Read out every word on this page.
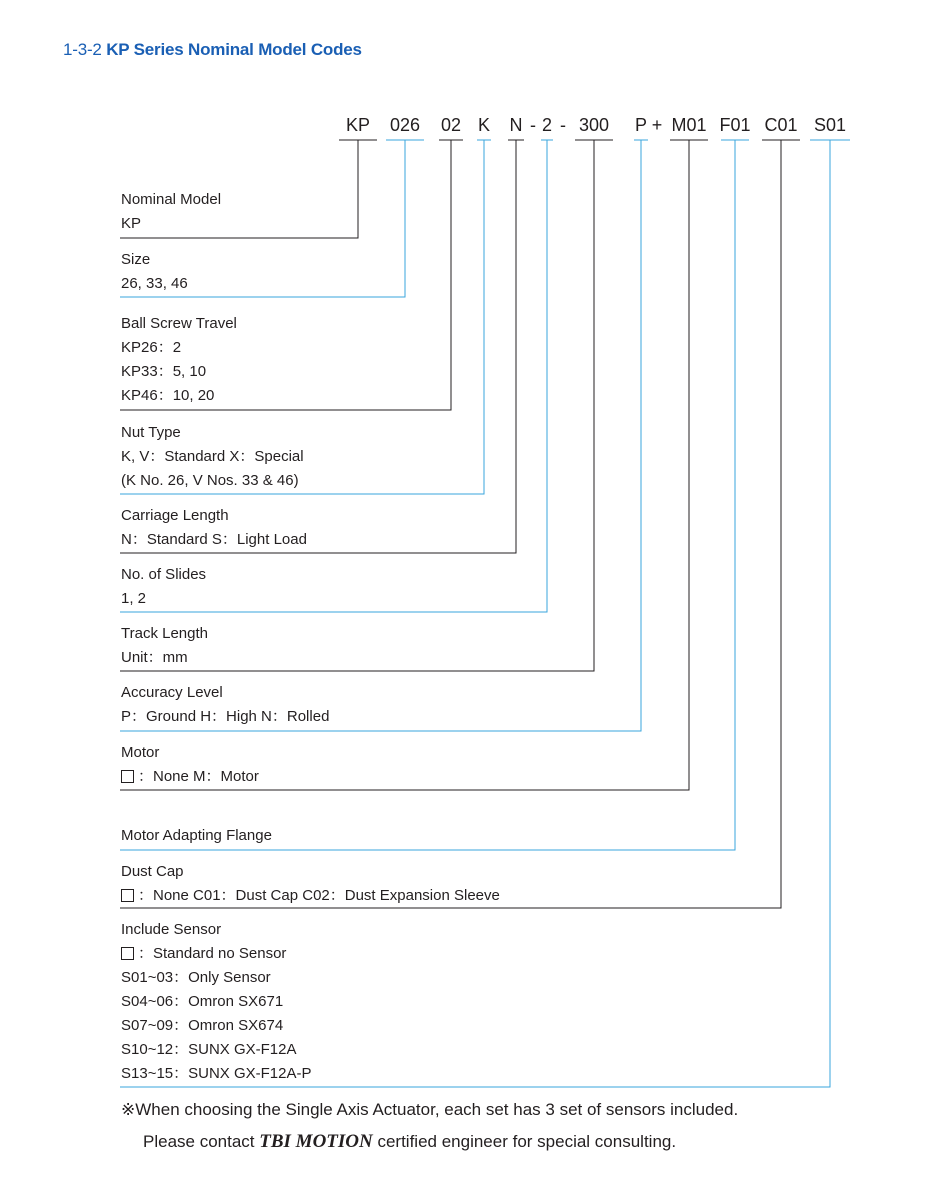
1-3-2 KP Series Nominal Model Codes
KP 026 02 K N - 2 - 300 P + M01 F01 C01 S01
Nominal Model
KP
Size
26, 33, 46
Ball Screw Travel
KP26：2
KP33：5, 10
KP46：10, 20
Nut Type
K, V：Standard X：Special
(K No. 26, V Nos. 33 & 46)
Carriage Length
N：Standard S：Light Load
No. of Slides
1, 2
Track Length
Unit：mm
Accuracy Level
P：Ground H：High N：Rolled
Motor
：None M：Motor
Motor Adapting Flange
Dust Cap
：None C01：Dust Cap C02：Dust Expansion Sleeve
Include Sensor
：Standard no Sensor
S01~03：Only Sensor
S04~06：Omron SX671
S07~09：Omron SX674
S10~12：SUNX GX-F12A
S13~15：SUNX GX-F12A-P
※When choosing the Single Axis Actuator, each set has 3 set of sensors included.
Please contact TBI MOTION certified engineer for special consulting.
